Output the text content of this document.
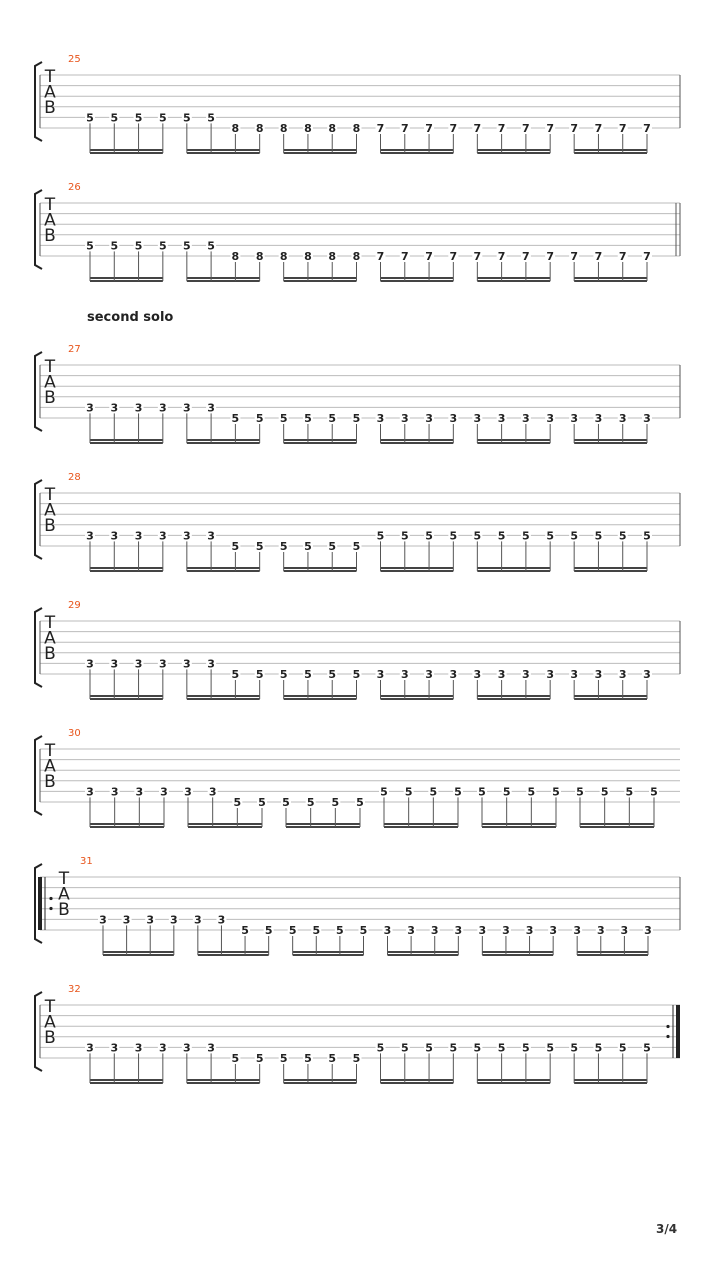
T
A
B
25
5 5 5 5 5 5
8 8 8 8 8 8 7 7 7 7 7 7 7 7 7 7 7 7
T
A
B
26
5 5 5 5 5 5
8 8 8 8 8 8 7 7 7 7 7 7 7 7 7 7 7 7
T
A
B
27
3 3 3 3 3 3
5 5 5 5 5 5 3 3 3 3 3 3 3 3 3 3 3 3
T
A
B
28
3 3 3 3 3 3
5 5 5 5 5 5
5 5 5 5 5 5 5 5 5 5 5 5
T
A
B
29
3 3 3 3 3 3
5 5 5 5 5 5 3 3 3 3 3 3 3 3 3 3 3 3
T
A
B
30
3 3 3 3 3 3
5 5 5 5 5 5
5 5 5 5 5 5 5 5 5 5 5 5
T
A
B
31
3 3 3 3 3 3
5 5 5 5 5 5 3 3 3 3 3 3 3 3 3 3 3 3
T
A
B
32
3 3 3 3 3 3
5 5 5 5 5 5
5 5 5 5 5 5 5 5 5 5 5 5
second solo
3/4
